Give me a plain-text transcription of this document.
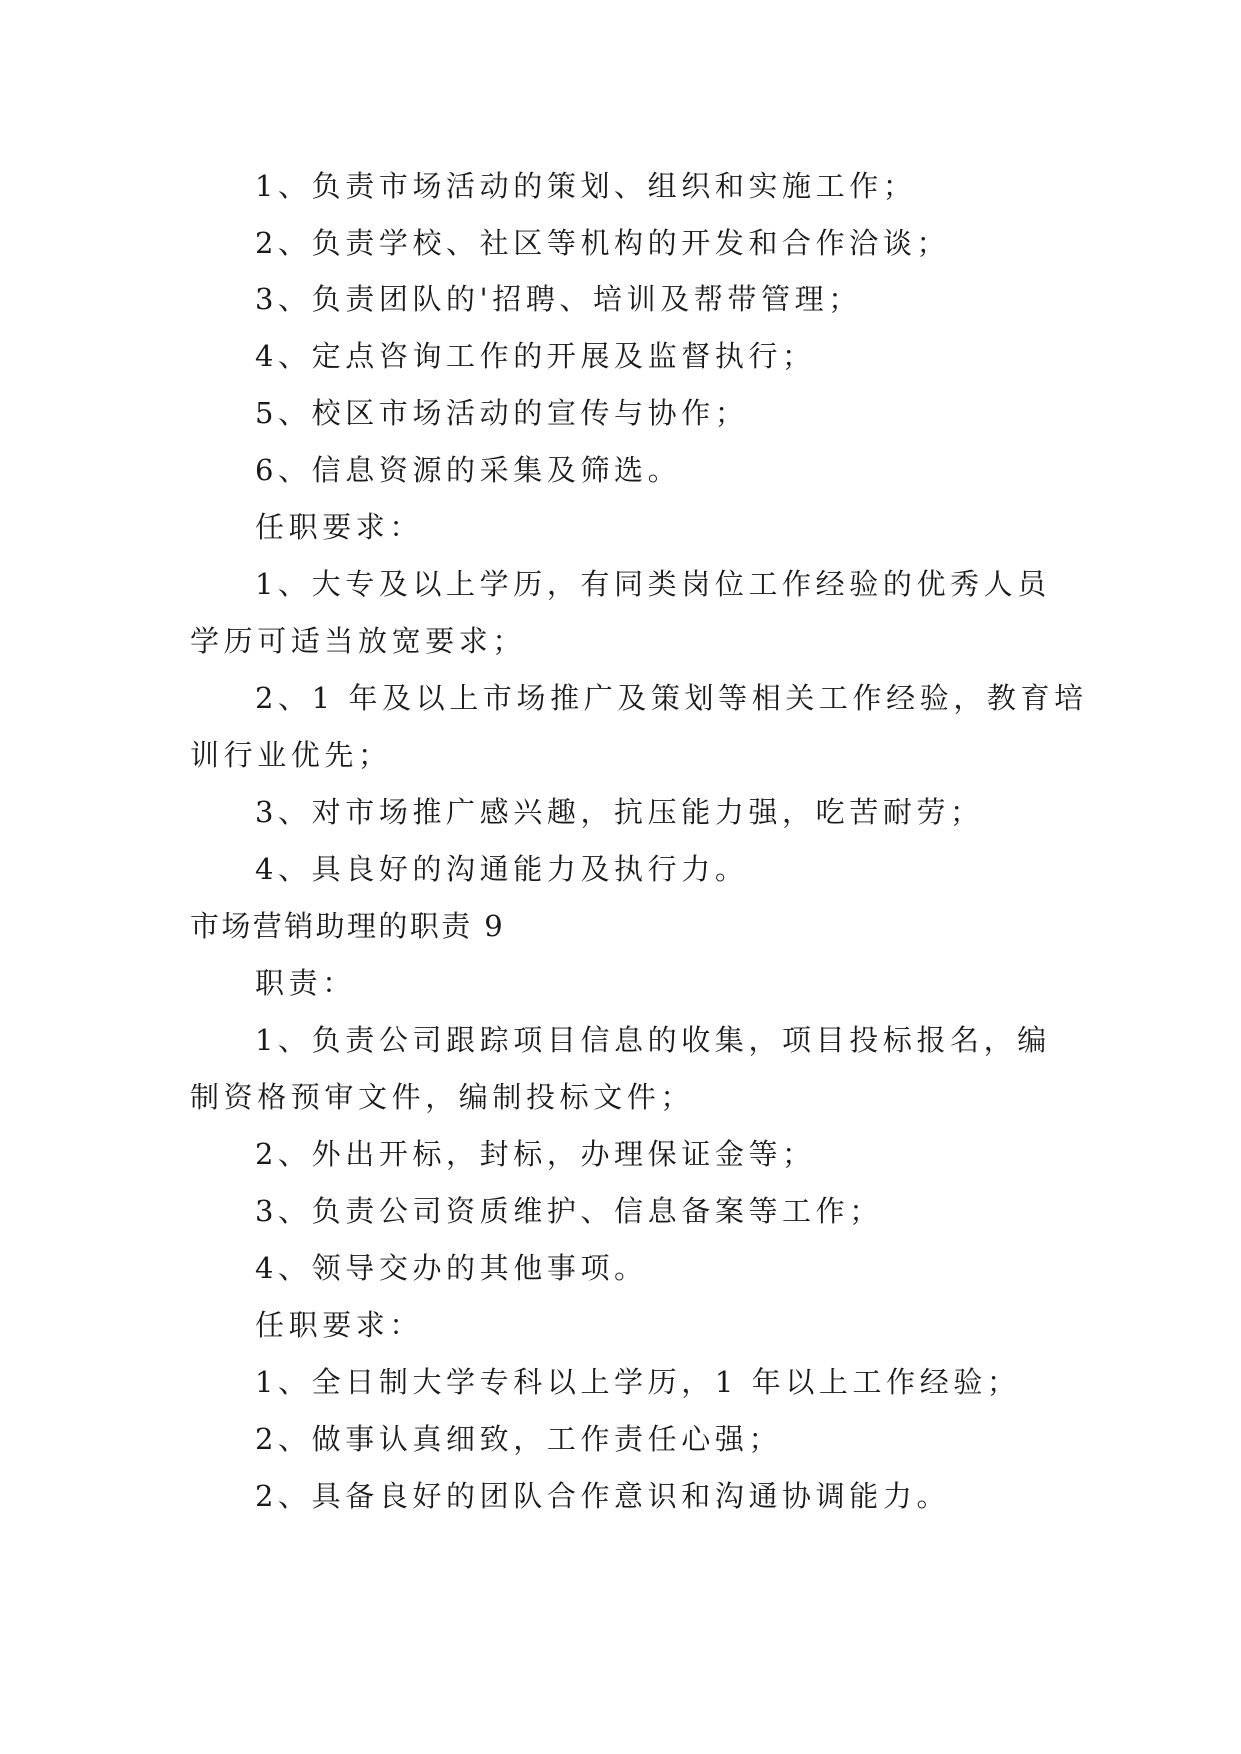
1、负责市场活动的策划、组织和实施工作；
2、负责学校、社区等机构的开发和合作洽谈；
3、负责团队的'招聘、培训及帮带管理；
4、定点咨询工作的开展及监督执行；
5、校区市场活动的宣传与协作；
6、信息资源的采集及筛选。
任职要求：
1、大专及以上学历，有同类岗位工作经验的优秀人员
学历可适当放宽要求；
2、1 年及以上市场推广及策划等相关工作经验，教育培
训行业优先；
3、对市场推广感兴趣，抗压能力强，吃苦耐劳；
4、具良好的沟通能力及执行力。
市场营销助理的职责 9
职责：
1、负责公司跟踪项目信息的收集，项目投标报名，编
制资格预审文件，编制投标文件；
2、外出开标，封标，办理保证金等；
3、负责公司资质维护、信息备案等工作；
4、领导交办的其他事项。
任职要求：
1、全日制大学专科以上学历，1 年以上工作经验；
2、做事认真细致，工作责任心强；
2、具备良好的团队合作意识和沟通协调能力。
